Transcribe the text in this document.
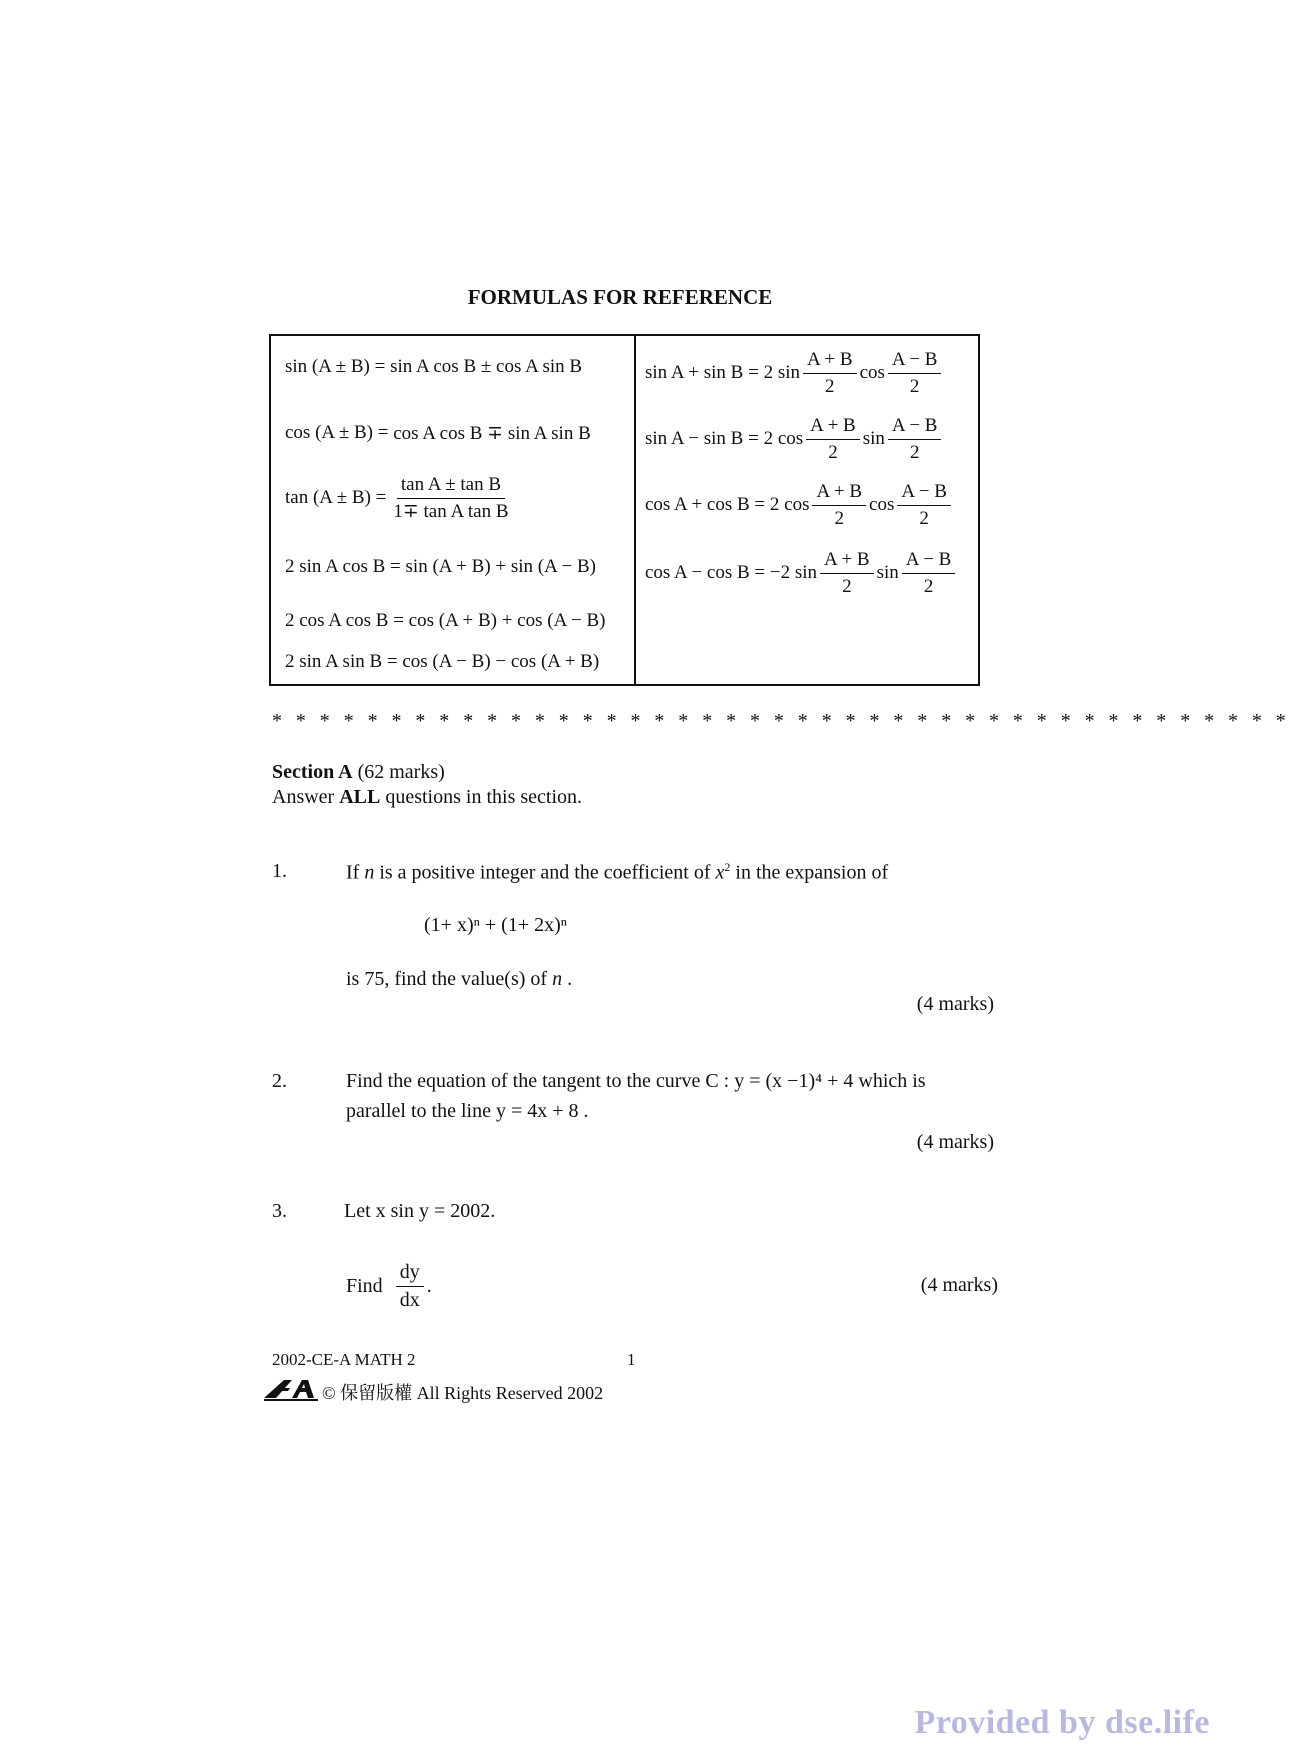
FORMULAS FOR REFERENCE
sin (A ± B) =
sin A cos B ± cos A sin B
cos (A ± B) =
cos A cos B ∓ sin A sin B
$\tan (A \pm B) = \frac{\text{tan A ± tan B}}{\text{1∓ tan A tan B}}$
2 sin A cos B =
sin (A + B) + sin (A − B)
2 cos A cos B =
cos (A + B) + cos (A − B)
2 sin A sin B =
cos (A − B) − cos (A + B)
sin A + sin B = 2 $\sin \frac{A + B}{2}$ $\cos \frac{A - B}{2}$
sin A − sin B = 2 $\cos \frac{A + B}{2}$ $\sin \frac{A - B}{2}$
cos A + cos B = 2 $\cos \frac{A + B}{2}$ $\cos \frac{A - B}{2}$
cos A − cos B = −2 $\sin \frac{A + B}{2}$ $\sin \frac{A - B}{2}$
* * * * * * * * * * * * * * * * * * * * * * * * * * * * * * * * * * * * * * * * * * *
Section A (62 marks)
Answer ALL questions in this section.
1.	If n is a positive integer and the coefficient of $x^2$ in the expansion of
(1+ x)ⁿ + (1+ 2x)ⁿ
is 75, find the value(s) of n .
(4 marks)
2.	Find the equation of the tangent to the curve C : y = (x −1)⁴ + 4 which is
parallel to the line y = 4x + 8 .
(4 marks)
3.	Let x sin y = 2002.
Find
$\frac{dy}{dx}$ .	(4 marks)
2002-CE-A MATH 2	1
© 保留版權 All Rights Reserved 2002
Provided by dse.life
